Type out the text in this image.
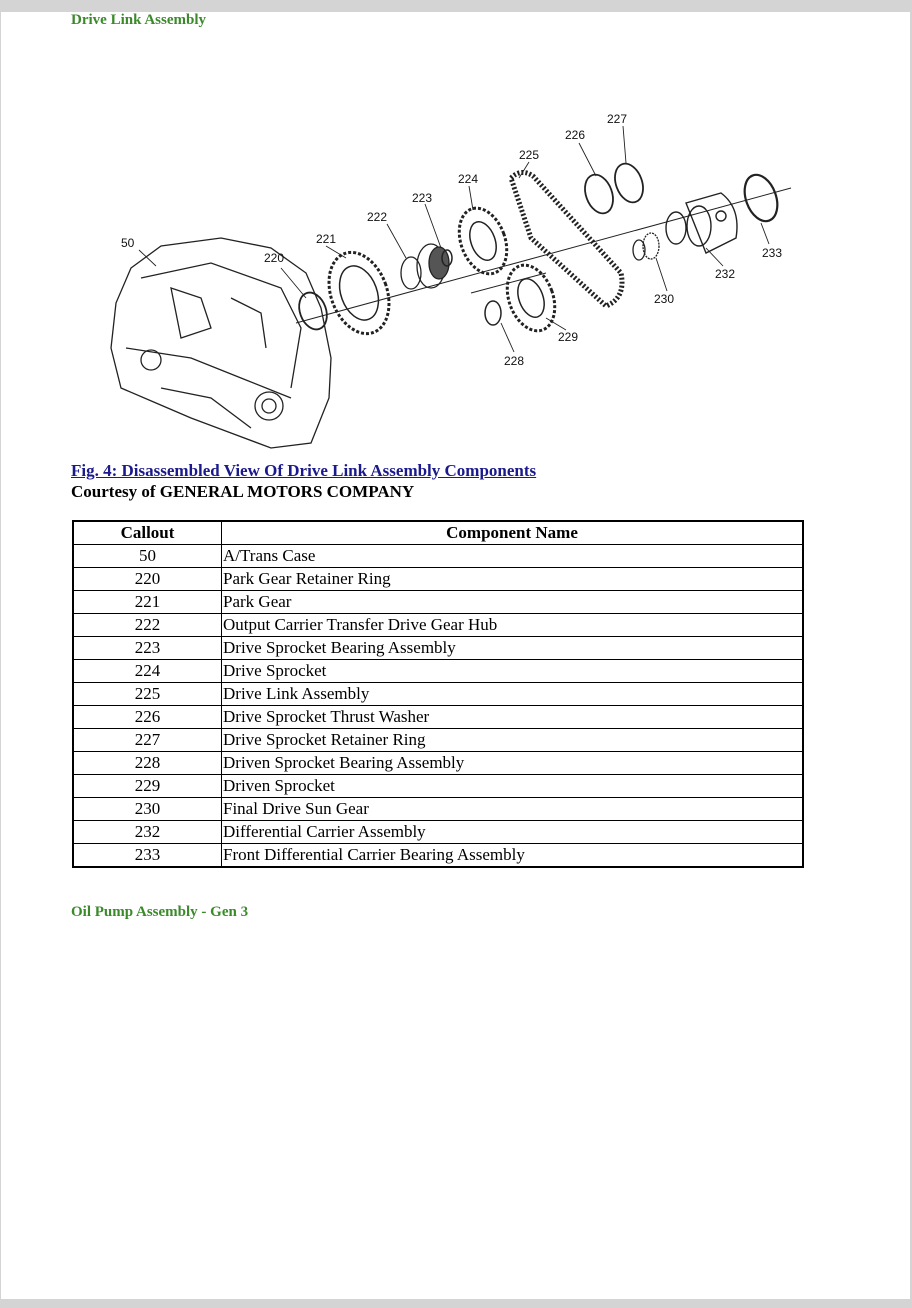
Drive Link Assembly
50
220
221
222
223
224
225
226
227
228
229
230
232
233
Fig. 4: Disassembled View Of Drive Link Assembly Components
Courtesy of GENERAL MOTORS COMPANY
Callout	Component Name
50	A/Trans Case
220	Park Gear Retainer Ring
221	Park Gear
222	Output Carrier Transfer Drive Gear Hub
223	Drive Sprocket Bearing Assembly
224	Drive Sprocket
225	Drive Link Assembly
226	Drive Sprocket Thrust Washer
227	Drive Sprocket Retainer Ring
228	Driven Sprocket Bearing Assembly
229	Driven Sprocket
230	Final Drive Sun Gear
232	Differential Carrier Assembly
233	Front Differential Carrier Bearing Assembly
Oil Pump Assembly - Gen 3
